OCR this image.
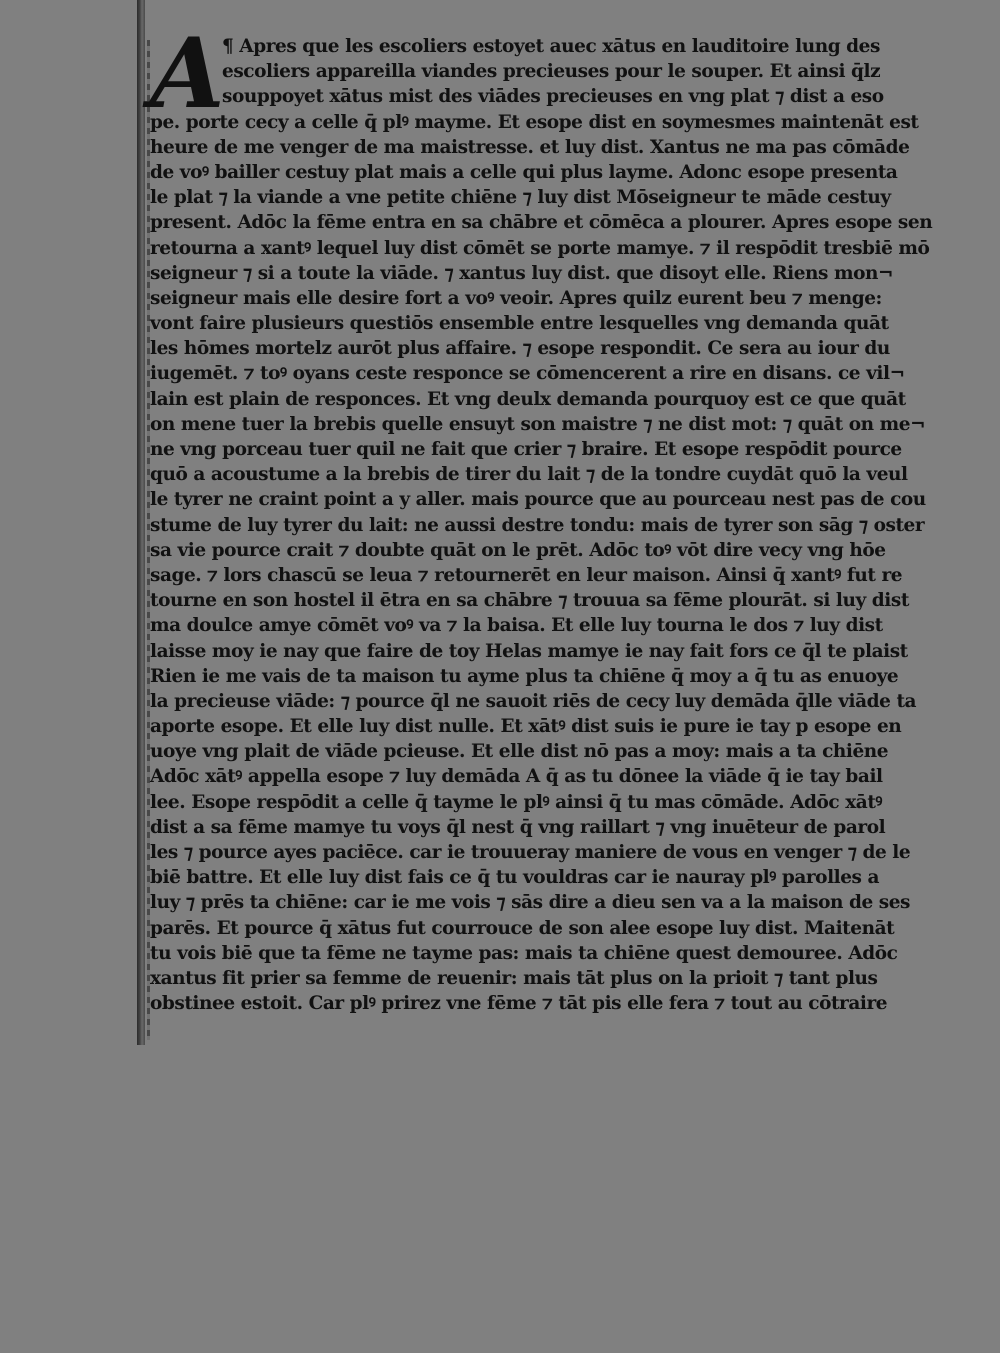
A
¶ Apres que les escoliers estoyet auec xātus en lauditoire lung des
escoliers appareilla viandes precieuses pour le souper. Et ainsi q̄lz
souppoyet xātus mist des viādes precieuses en vng plat ⁊ dist a eso
pe. porte cecy a celle q̄ plꝰ mayme. Et esope dist en soymesmes maintenāt est
heure de me venger de ma maistresse. et luy dist. Xantus ne ma pas cōmāde
de voꝰ bailler cestuy plat mais a celle qui plus layme. Adonc esope presenta
le plat ⁊ la viande a vne petite chiēne ⁊ luy dist Mōseigneur te māde cestuy
present. Adōc la fēme entra en sa chābre et cōmēca a plourer. Apres esope sen
retourna a xantꝰ lequel luy dist cōmēt se porte mamye. ⁊ il respōdit tresbiē mō
seigneur ⁊ si a toute la viāde. ⁊ xantus luy dist. que disoyt elle. Riens mon¬
seigneur mais elle desire fort a voꝰ veoir. Apres quilz eurent beu ⁊ menge:
vont faire plusieurs questiōs ensemble entre lesquelles vng demanda quāt
les hōmes mortelz aurōt plus affaire. ⁊ esope respondit. Ce sera au iour du
iugemēt. ⁊ toꝰ oyans ceste responce se cōmencerent a rire en disans. ce vil¬
lain est plain de responces. Et vng deulx demanda pourquoy est ce que quāt
on mene tuer la brebis quelle ensuyt son maistre ⁊ ne dist mot: ⁊ quāt on me¬
ne vng porceau tuer quil ne fait que crier ⁊ braire. Et esope respōdit pource
quō a acoustume a la brebis de tirer du lait ⁊ de la tondre cuydāt quō la veul
le tyrer ne craint point a y aller. mais pource que au pourceau nest pas de cou
stume de luy tyrer du lait: ne aussi destre tondu: mais de tyrer son sāg ⁊ oster
sa vie pource crait ⁊ doubte quāt on le prēt. Adōc toꝰ vōt dire vecy vng hōe
sage. ⁊ lors chascū se leua ⁊ retournerēt en leur maison. Ainsi q̄ xantꝰ fut re
tourne en son hostel il ētra en sa chābre ⁊ trouua sa fēme plourāt. si luy dist
ma doulce amye cōmēt voꝰ va ⁊ la baisa. Et elle luy tourna le dos ⁊ luy dist
laisse moy ie nay que faire de toy Helas mamye ie nay fait fors ce q̄l te plaist
Rien ie me vais de ta maison tu ayme plus ta chiēne q̄ moy a q̄ tu as enuoye
la precieuse viāde: ⁊ pource q̄l ne sauoit riēs de cecy luy demāda q̄lle viāde ta
aporte esope. Et elle luy dist nulle. Et xātꝰ dist suis ie pure ie tay p esope en
uoye vng plait de viāde pcieuse. Et elle dist nō pas a moy: mais a ta chiēne
Adōc xātꝰ appella esope ⁊ luy demāda A q̄ as tu dōnee la viāde q̄ ie tay bail
lee. Esope respōdit a celle q̄ tayme le plꝰ ainsi q̄ tu mas cōmāde. Adōc xātꝰ
dist a sa fēme mamye tu voys q̄l nest q̄ vng raillart ⁊ vng inuēteur de parol
les ⁊ pource ayes paciēce. car ie trouueray maniere de vous en venger ⁊ de le
biē battre. Et elle luy dist fais ce q̄ tu vouldras car ie nauray plꝰ parolles a
luy ⁊ prēs ta chiēne: car ie me vois ⁊ sās dire a dieu sen va a la maison de ses
parēs. Et pource q̄ xātus fut courrouce de son alee esope luy dist. Maitenāt
tu vois biē que ta fēme ne tayme pas: mais ta chiēne quest demouree. Adōc
xantus fit prier sa femme de reuenir: mais tāt plus on la prioit ⁊ tant plus
obstinee estoit. Car plꝰ prirez vne fēme ⁊ tāt pis elle fera ⁊ tout au cōtraire
